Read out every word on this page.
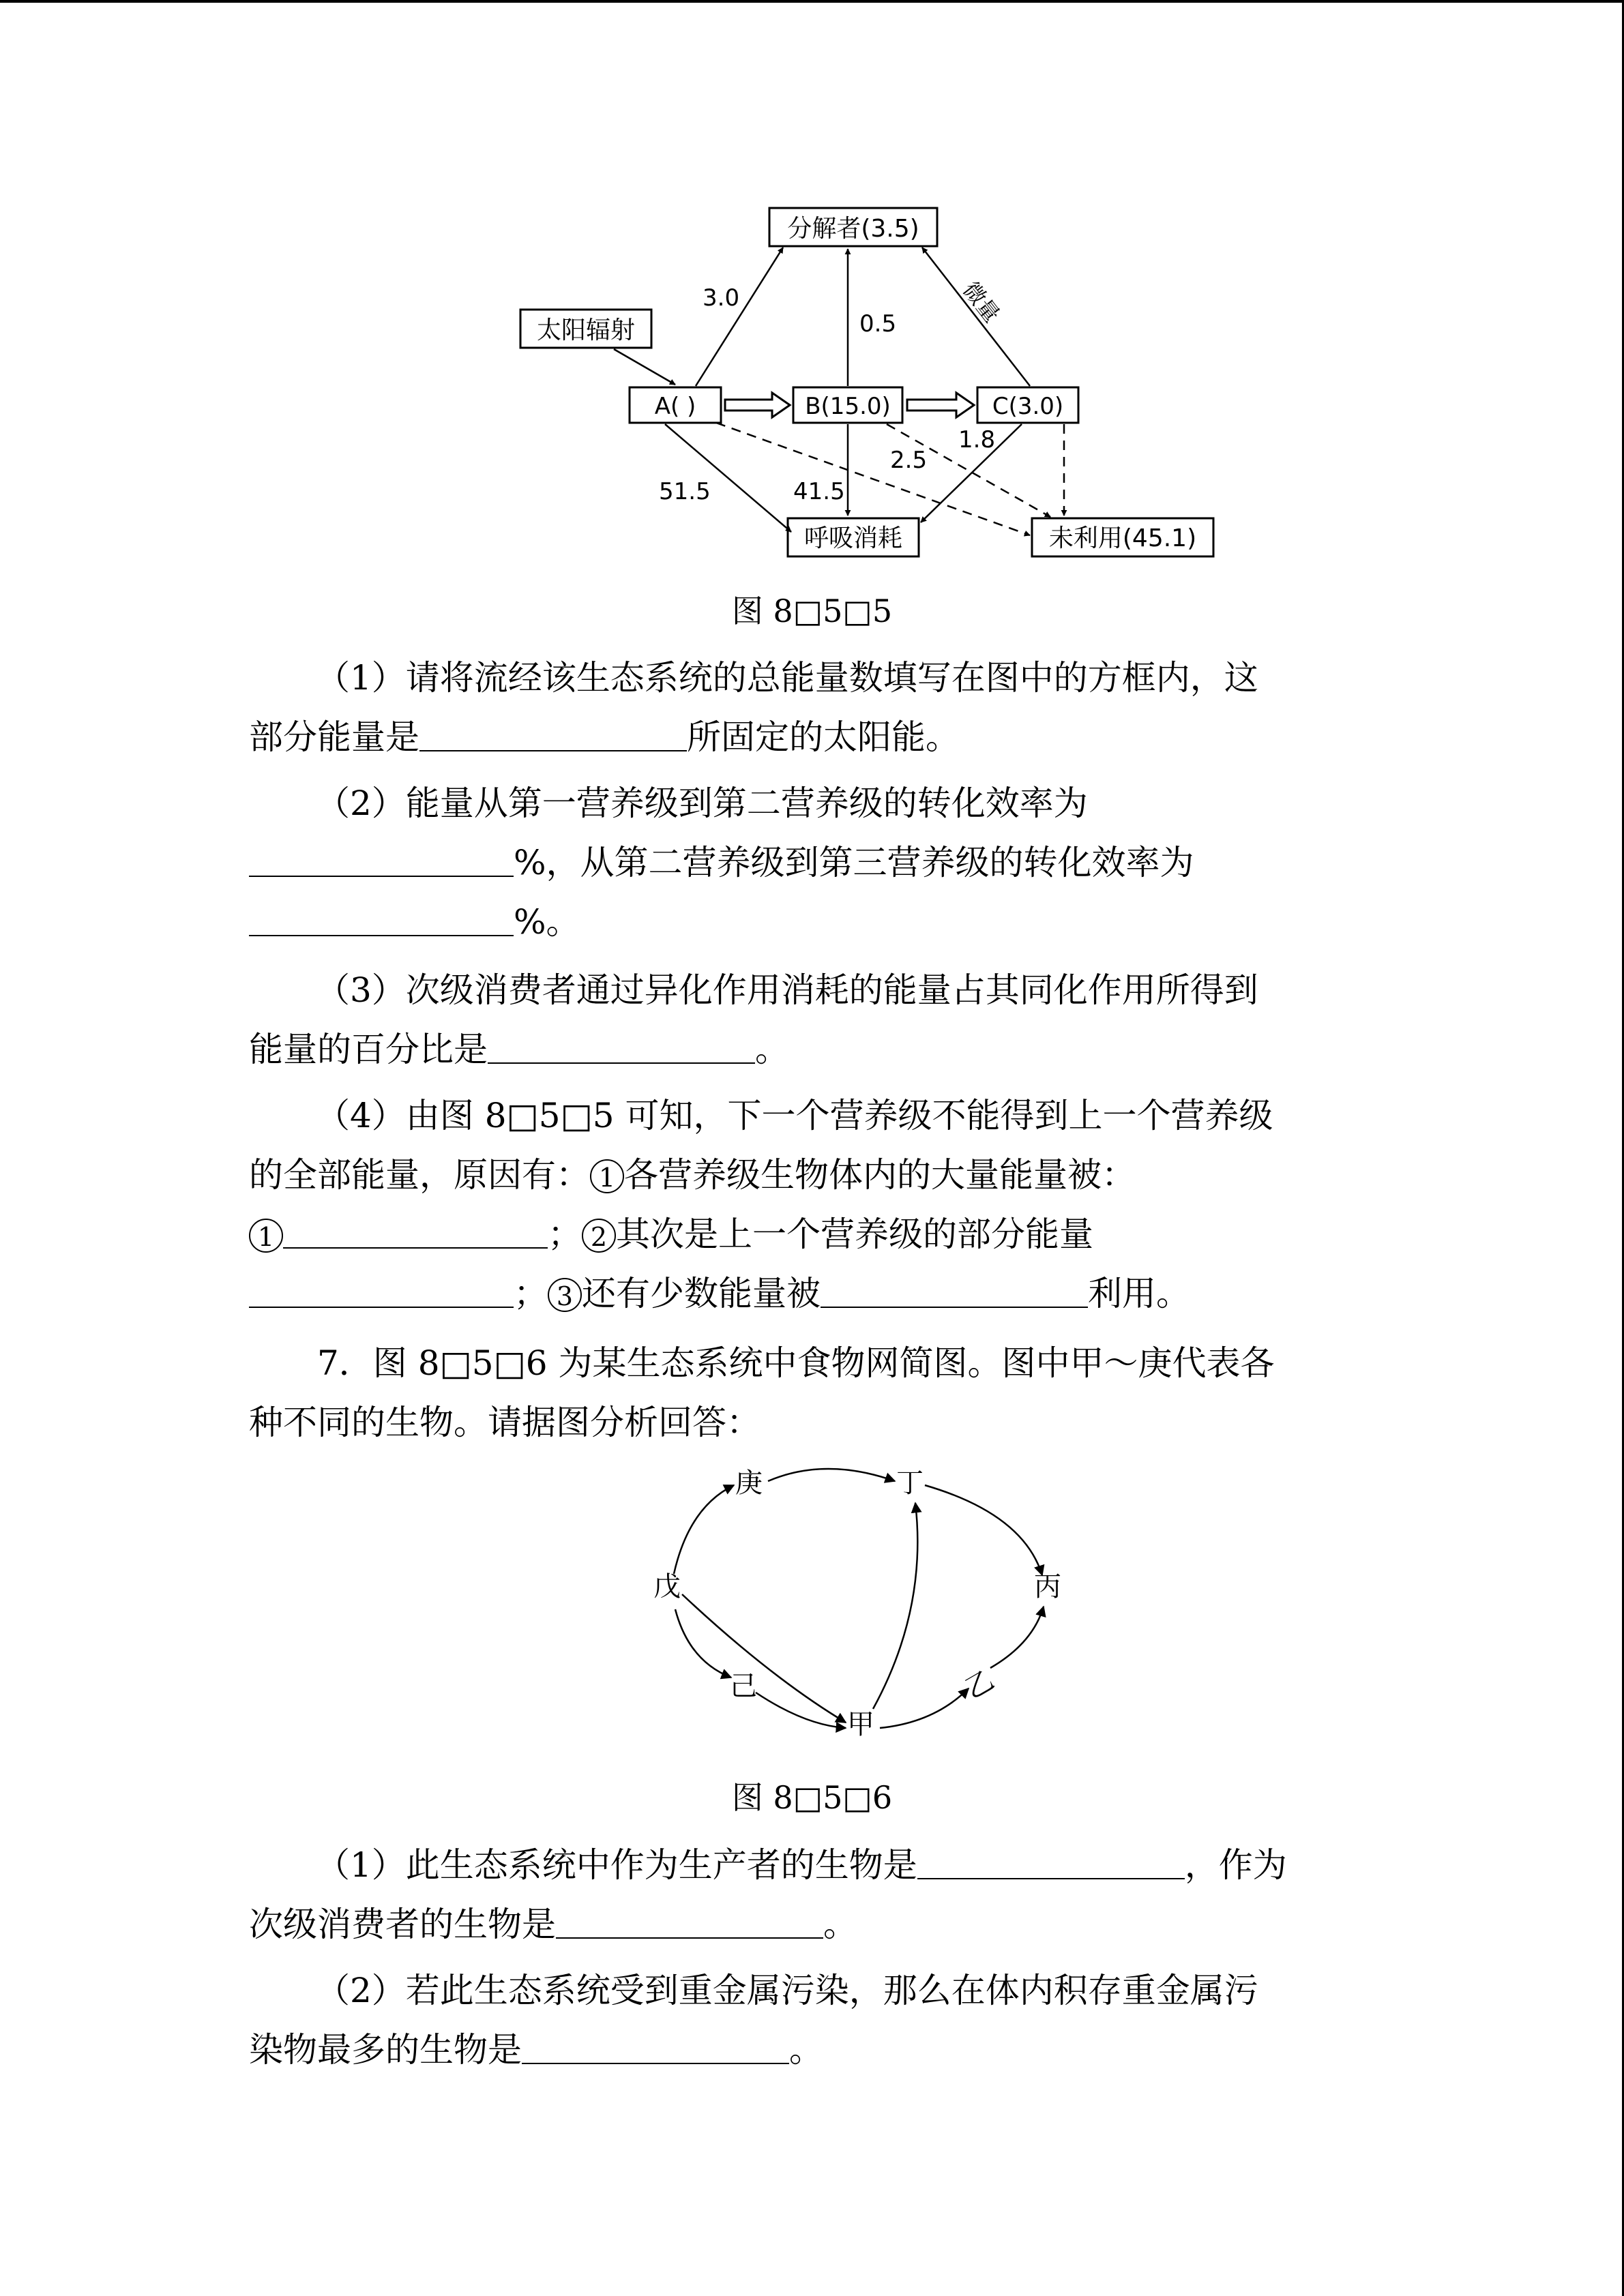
分解者(3.5)
太阳辐射
A( )	B(15.0)	C(3.0)
呼吸消耗	未利用(45.1)
3.0
0.5	微量
1.8
2.5
51.5	41.5
图 8□5□5
（1）请将流经该生态系统的总能量数填写在图中的方框内，这
部分能量是	所固定的太阳能。
（2）能量从第一营养级到第二营养级的转化效率为
%，从第二营养级到第三营养级的转化效率为
%。
（3）次级消费者通过异化作用消耗的能量占其同化作用所得到
能量的百分比是	。
（4）由图 8□5□5 可知，下一个营养级不能得到上一个营养级
的全部能量，原因有： 1 各营养级生物体内的大量能量被：
1	； 2 其次是上一个营养级的部分能量
； 3 还有少数能量被	利用。
7．图 8□5□6 为某生态系统中食物网简图。图中甲～庚代表各
种不同的生物。请据图分析回答：
庚	丁
戊	丙
己	乙
甲
图 8□5□6
（1）此生态系统中作为生产者的生物是	，作为
次级消费者的生物是	。
（2）若此生态系统受到重金属污染，那么在体内积存重金属污
染物最多的生物是	。
